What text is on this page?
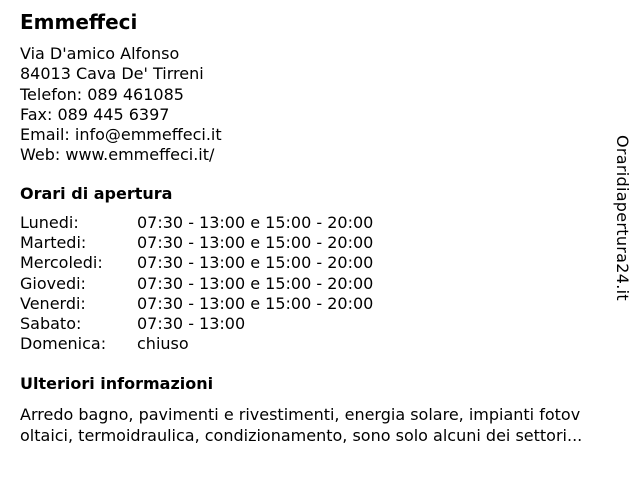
Emmeffeci
Via D'amico Alfonso
84013 Cava De' Tirreni
Telefon: 089 461085
Fax: 089 445 6397
Email: info@emmeffeci.it
Web: www.emmeffeci.it/
Orari di apertura
Lunedi:	07:30 - 13:00 e 15:00 - 20:00
Martedi:	07:30 - 13:00 e 15:00 - 20:00
Mercoledi: 07:30 - 13:00 e 15:00 - 20:00
Giovedi:	07:30 - 13:00 e 15:00 - 20:00
Venerdi:	07:30 - 13:00 e 15:00 - 20:00
Sabato:	07:30 - 13:00
Domenica: chiuso
Ulteriori informazioni
Arredo bagno, pavimenti e rivestimenti, energia solare, impianti fotov
oltaici, termoidraulica, condizionamento, sono solo alcuni dei settori...
Oraridiapertura24.it
